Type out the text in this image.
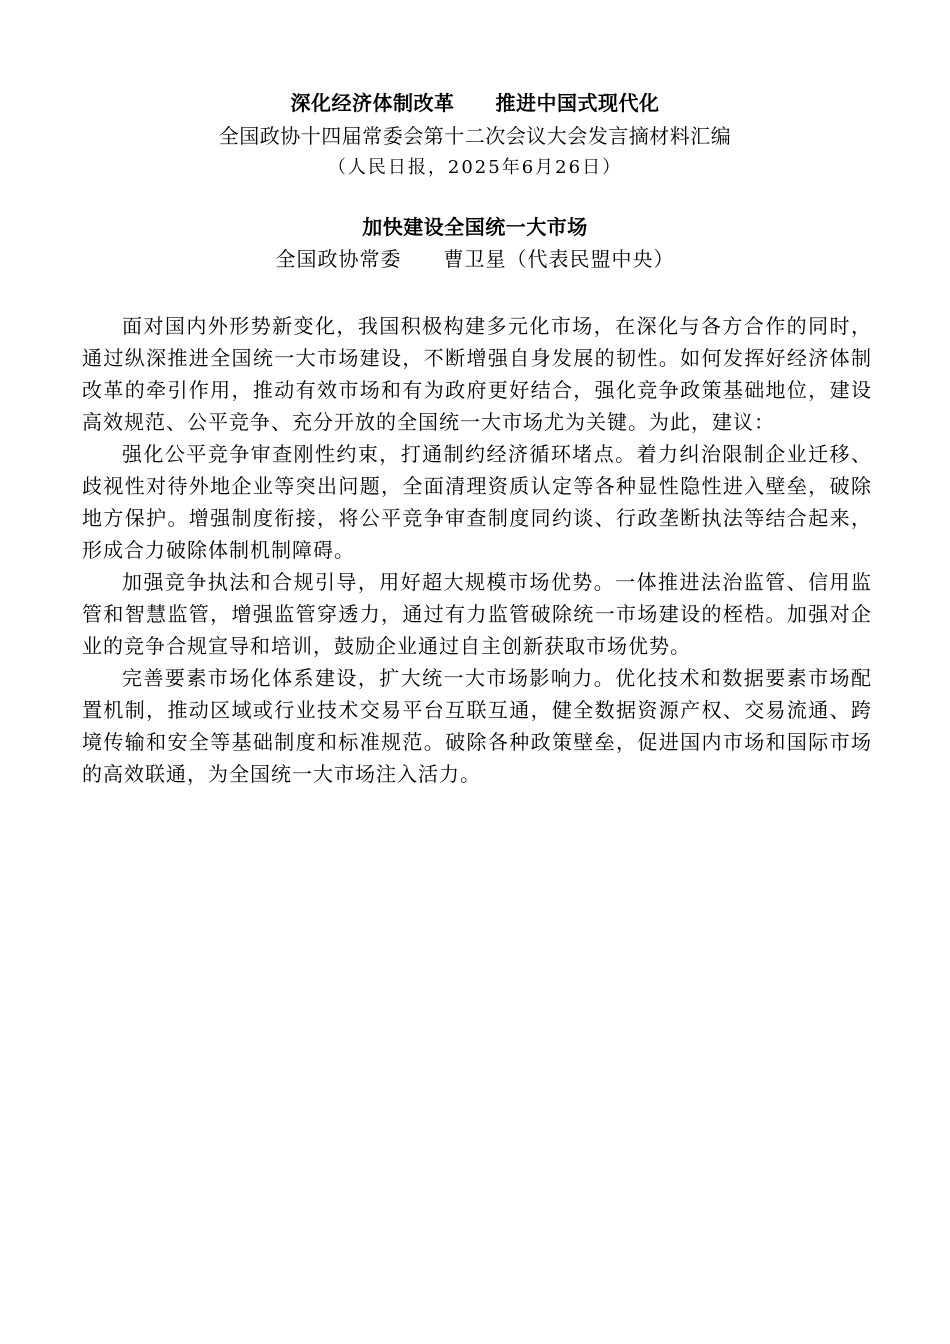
深化经济体制改革　　推进中国式现代化
全国政协十四届常委会第十二次会议大会发言摘材料汇编
（人民日报，2025年6月26日）
加快建设全国统一大市场
全国政协常委　　曹卫星（代表民盟中央）

面对国内外形势新变化，我国积极构建多元化市场，在深化与各方合作的同时，通过纵深推进全国统一大市场建设，不断增强自身发展的韧性。如何发挥好经济体制改革的牵引作用，推动有效市场和有为政府更好结合，强化竞争政策基础地位，建设高效规范、公平竞争、充分开放的全国统一大市场尤为关键。为此，建议：

强化公平竞争审查刚性约束，打通制约经济循环堵点。着力纠治限制企业迁移、歧视性对待外地企业等突出问题，全面清理资质认定等各种显性隐性进入壁垒，破除地方保护。增强制度衔接，将公平竞争审查制度同约谈、行政垄断执法等结合起来，形成合力破除体制机制障碍。

加强竞争执法和合规引导，用好超大规模市场优势。一体推进法治监管、信用监管和智慧监管，增强监管穿透力，通过有力监管破除统一市场建设的桎梏。加强对企业的竞争合规宣导和培训，鼓励企业通过自主创新获取市场优势。

完善要素市场化体系建设，扩大统一大市场影响力。优化技术和数据要素市场配置机制，推动区域或行业技术交易平台互联互通，健全数据资源产权、交易流通、跨境传输和安全等基础制度和标准规范。破除各种政策壁垒，促进国内市场和国际市场的高效联通，为全国统一大市场注入活力。
